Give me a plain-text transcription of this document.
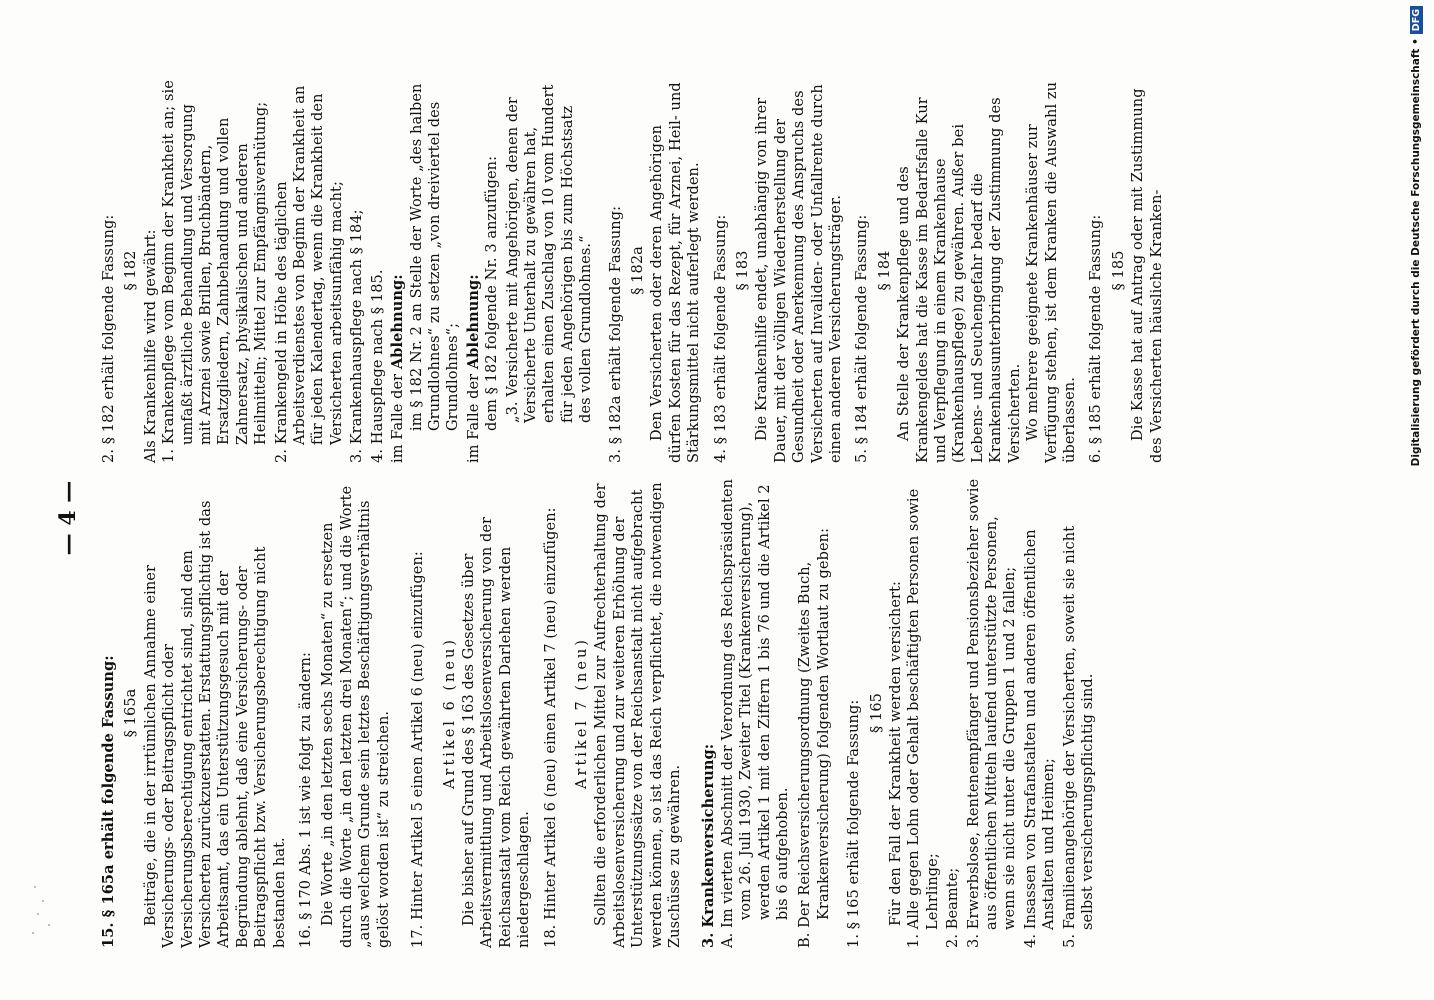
— 4 —

15. § 165a erhält folgende Fassung: § 165a Beiträge, die in der irrtümlichen Annahme einer Versicherungs- oder Beitragspflicht oder Versicherungsberechtigung entrichtet sind, sind dem Versicherten zurückzuerstatten. Erstattungspflichtig ist das Arbeitsamt, das ein Unterstützungsgesuch mit der Begründung ablehnt, daß eine Versicherungs- oder Beitragspflicht bzw. Versicherungsberechtigung nicht bestanden hat. 16. § 170 Abs. 1 ist wie folgt zu ändern: Die Worte „in den letzten sechs Monaten“ zu ersetzen durch die Worte „in den letzten drei Monaten“; und die Worte „aus welchem Grunde sein letztes Beschäftigungsverhältnis gelöst worden ist“ zu streichen. 17. Hinter Artikel 5 einen Artikel 6 (neu) einzufügen: Artikel 6 (neu) Die bisher auf Grund des § 163 des Gesetzes über Arbeitsvermittlung und Arbeitslosenversicherung von der Reichsanstalt vom Reich gewährten Darlehen werden niedergeschlagen. 18. Hinter Artikel 6 (neu) einen Artikel 7 (neu) einzufügen: Artikel 7 (neu) Sollten die erforderlichen Mittel zur Aufrechterhaltung der Arbeitslosenversicherung und zur weiteren Erhöhung der Unterstützungssätze von der Reichsanstalt nicht aufgebracht werden können, so ist das Reich verpflichtet, die notwendigen Zuschüsse zu gewähren. 3. Krankenversicherung: A. Im vierten Abschnitt der Verordnung des Reichspräsidenten vom 26. Juli 1930, Zweiter Titel (Krankenversicherung), werden Artikel 1 mit den Ziffern 1 bis 76 und die Artikel 2 bis 6 aufgehoben. B. Der Reichsversicherungsordnung (Zweites Buch, Krankenversicherung) folgenden Wortlaut zu geben: 1. § 165 erhält folgende Fassung: § 165 Für den Fall der Krankheit werden versichert: 1. Alle gegen Lohn oder Gehalt beschäftigten Personen sowie Lehrlinge; 2. Beamte; 3. Erwerbslose, Rentenempfänger und Pensionsbezieher sowie aus öffentlichen Mitteln laufend unterstützte Personen, wenn sie nicht unter die Gruppen 1 und 2 fallen; 4. Insassen von Strafanstalten und anderen öffentlichen Anstalten und Heimen; 5. Familienangehörige der Versicherten, soweit sie nicht selbst versicherungspflichtig sind.

2. § 182 erhält folgende Fassung: § 182 Als Krankenhilfe wird gewährt: 1. Krankenpflege vom Beginn der Krankheit an; sie umfaßt ärztliche Behandlung und Versorgung mit Arznei sowie Brillen, Bruchbändern, Ersatzgliedern, Zahnbehandlung und vollen Zahnersatz, physikalischen und anderen Heilmitteln; Mittel zur Empfängnisverhütung; 2. Krankengeld in Höhe des täglichen Arbeitsverdienstes von Beginn der Krankheit an für jeden Kalendertag, wenn die Krankheit den Versicherten arbeitsunfähig macht; 3. Krankenhauspflege nach § 184; 4. Hauspflege nach § 185. im Falle der Ablehnung: im § 182 Nr. 2 an Stelle der Worte „des halben Grundlohnes“ zu setzen „von dreiviertel des Grundlohnes“; im Falle der Ablehnung: dem § 182 folgende Nr. 3 anzufügen: „3. Versicherte mit Angehörigen, denen der Versicherte Unterhalt zu gewähren hat, erhalten einen Zuschlag von 10 vom Hundert für jeden Angehörigen bis zum Höchstsatz des vollen Grundlohnes.“ 3. § 182a erhält folgende Fassung: § 182a Den Versicherten oder deren Angehörigen dürfen Kosten für das Rezept, für Arznei, Heil- und Stärkungsmittel nicht auferlegt werden. 4. § 183 erhält folgende Fassung: § 183 Die Krankenhilfe endet, unabhängig von ihrer Dauer, mit der völligen Wiederherstellung der Gesundheit oder Anerkennung des Anspruchs des Versicherten auf Invaliden- oder Unfallrente durch einen anderen Versicherungsträger. 5. § 184 erhält folgende Fassung: § 184 An Stelle der Krankenpflege und des Krankengeldes hat die Kasse im Bedarfsfalle Kur und Verpflegung in einem Krankenhause (Krankenhauspflege) zu gewähren. Außer bei Lebens- und Seuchengefahr bedarf die Krankenhausunterbringung der Zustimmung des Versicherten. Wo mehrere geeignete Krankenhäuser zur Verfügung stehen, ist dem Kranken die Auswahl zu überlassen. 6. § 185 erhält folgende Fassung: § 185 Die Kasse hat auf Antrag oder mit Zustimmung des Versicherten häusliche Kranken-	Digitalisierung gefördert durch die Deutsche Forschungsgemeinschaft •
DFG
